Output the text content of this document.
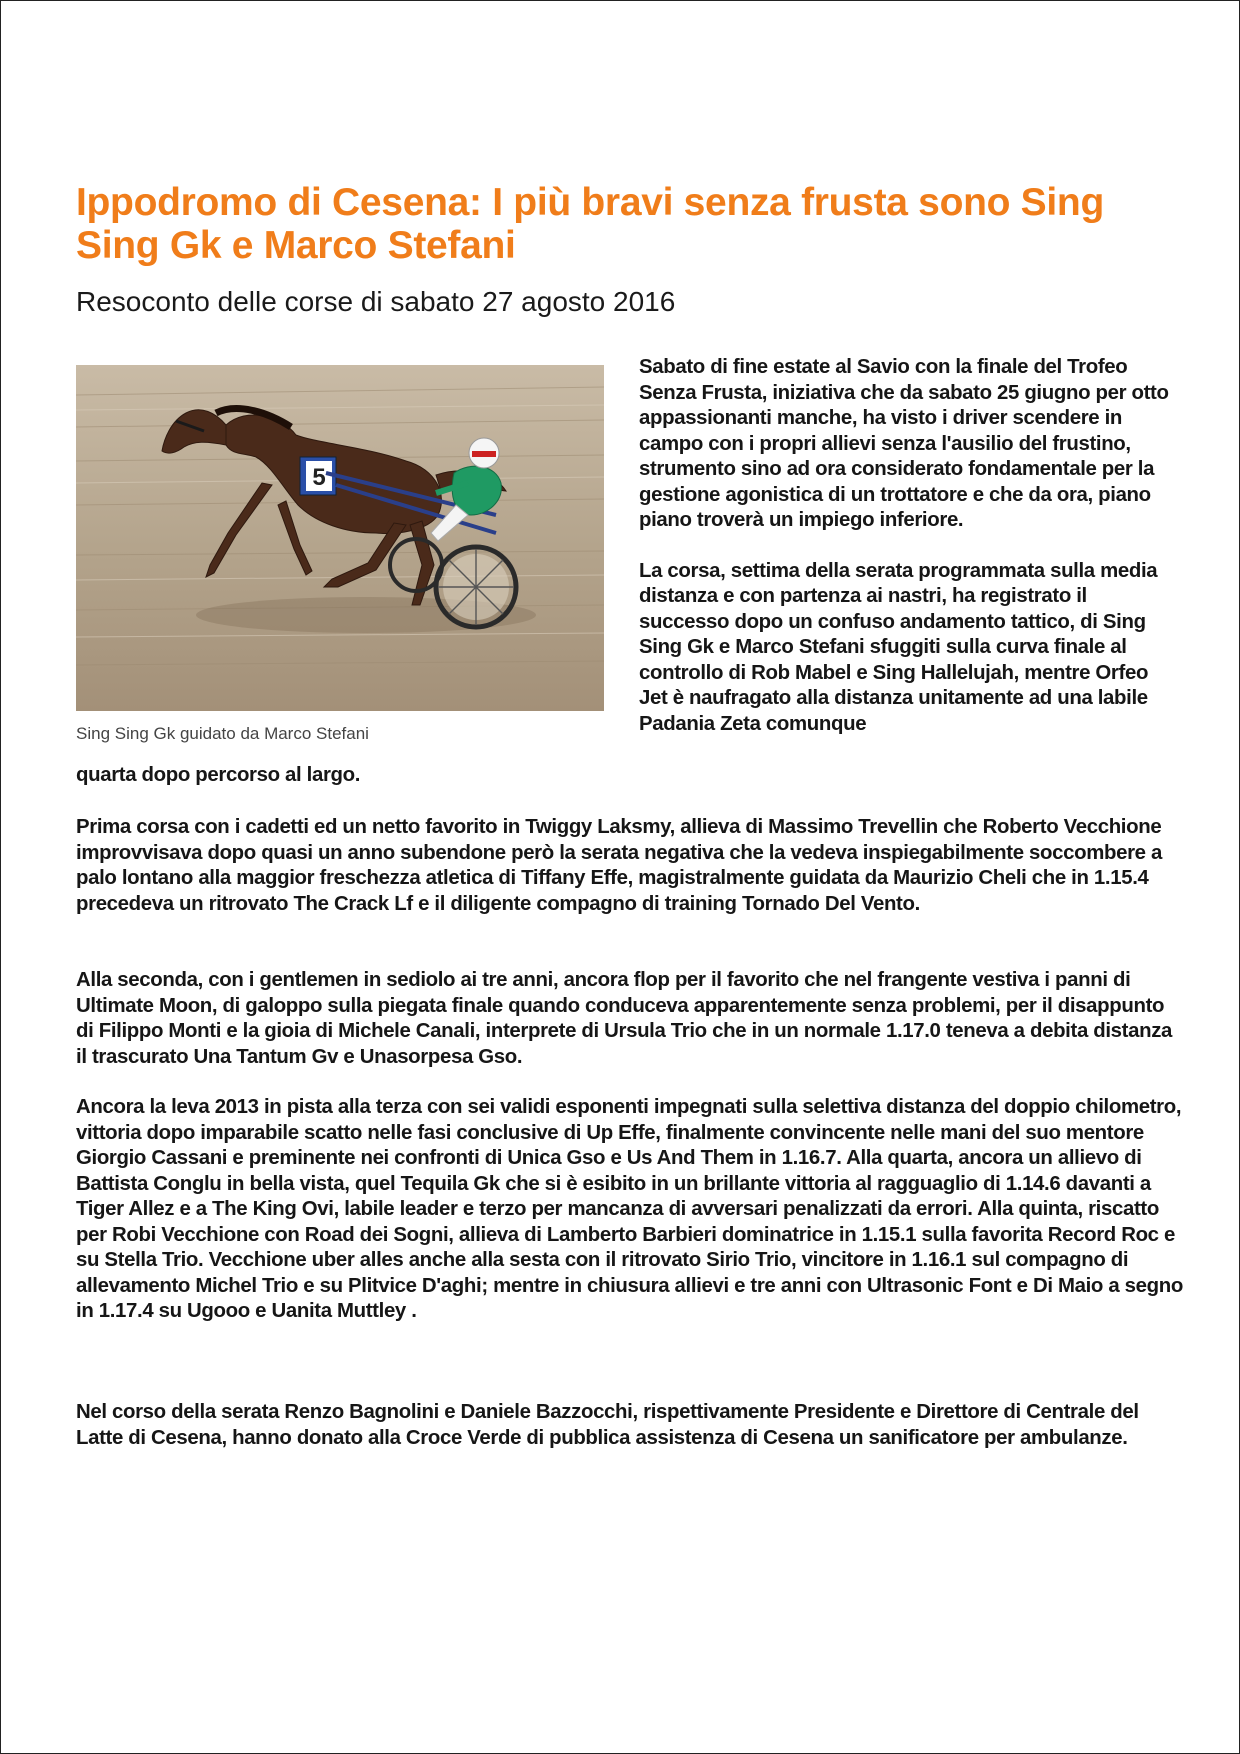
Ippodromo di Cesena: I più bravi senza frusta sono Sing Sing Gk e Marco Stefani
Resoconto delle corse di sabato 27 agosto 2016
5
Sing Sing Gk guidato da Marco Stefani

Sabato di fine estate al Savio con la finale del Trofeo Senza Frusta, iniziativa che da sabato 25 giugno per otto appassionanti manche, ha visto i driver scendere in campo con i propri allievi senza l'ausilio del frustino, strumento sino ad ora considerato fondamentale per la gestione agonistica di un trottatore e che da ora, piano piano troverà un impiego inferiore.

La corsa, settima della serata programmata sulla media distanza e con partenza ai nastri, ha registrato il successo dopo un confuso andamento tattico, di Sing Sing Gk e Marco Stefani sfuggiti sulla curva finale al controllo di Rob Mabel e Sing Hallelujah, mentre Orfeo Jet è naufragato alla distanza unitamente ad una labile Padania Zeta comunque

quarta dopo percorso al largo.

Prima corsa con i cadetti ed un netto favorito in Twiggy Laksmy, allieva di Massimo Trevellin che Roberto Vecchione improvvisava dopo quasi un anno subendone però la serata negativa che la vedeva inspiegabilmente soccombere a palo lontano alla maggior freschezza atletica di Tiffany Effe, magistralmente guidata da Maurizio Cheli che in 1.15.4 precedeva un ritrovato The Crack Lf e il diligente compagno di training Tornado Del Vento.

Alla seconda, con i gentlemen in sediolo ai tre anni, ancora flop per il favorito che nel frangente vestiva i panni di Ultimate Moon, di galoppo sulla piegata finale quando conduceva apparentemente senza problemi, per il disappunto di Filippo Monti e la gioia di Michele Canali, interprete di Ursula Trio che in un normale 1.17.0 teneva a debita distanza il trascurato Una Tantum Gv e Unasorpesa Gso.

Ancora la leva 2013 in pista alla terza con sei validi esponenti impegnati sulla selettiva distanza del doppio chilometro, vittoria dopo imparabile scatto nelle fasi conclusive di Up Effe, finalmente convincente nelle mani del suo mentore Giorgio Cassani e preminente nei confronti di Unica Gso e Us And Them in 1.16.7. Alla quarta, ancora un allievo di Battista Conglu in bella vista, quel Tequila Gk che si è esibito in un brillante vittoria al ragguaglio di 1.14.6 davanti a Tiger Allez e a The King Ovi, labile leader e terzo per mancanza di avversari penalizzati da errori. Alla quinta, riscatto per Robi Vecchione con Road dei Sogni, allieva di Lamberto Barbieri dominatrice in 1.15.1 sulla favorita Record Roc e su Stella Trio. Vecchione uber alles anche alla sesta con il ritrovato Sirio Trio, vincitore in 1.16.1 sul compagno di allevamento Michel Trio e su Plitvice D'aghi; mentre in chiusura allievi e tre anni con Ultrasonic Font e Di Maio a segno in 1.17.4 su Ugooo e Uanita Muttley .

Nel corso della serata Renzo Bagnolini e Daniele Bazzocchi, rispettivamente Presidente e Direttore di Centrale del Latte di Cesena, hanno donato alla Croce Verde di pubblica assistenza di Cesena un sanificatore per ambulanze.
